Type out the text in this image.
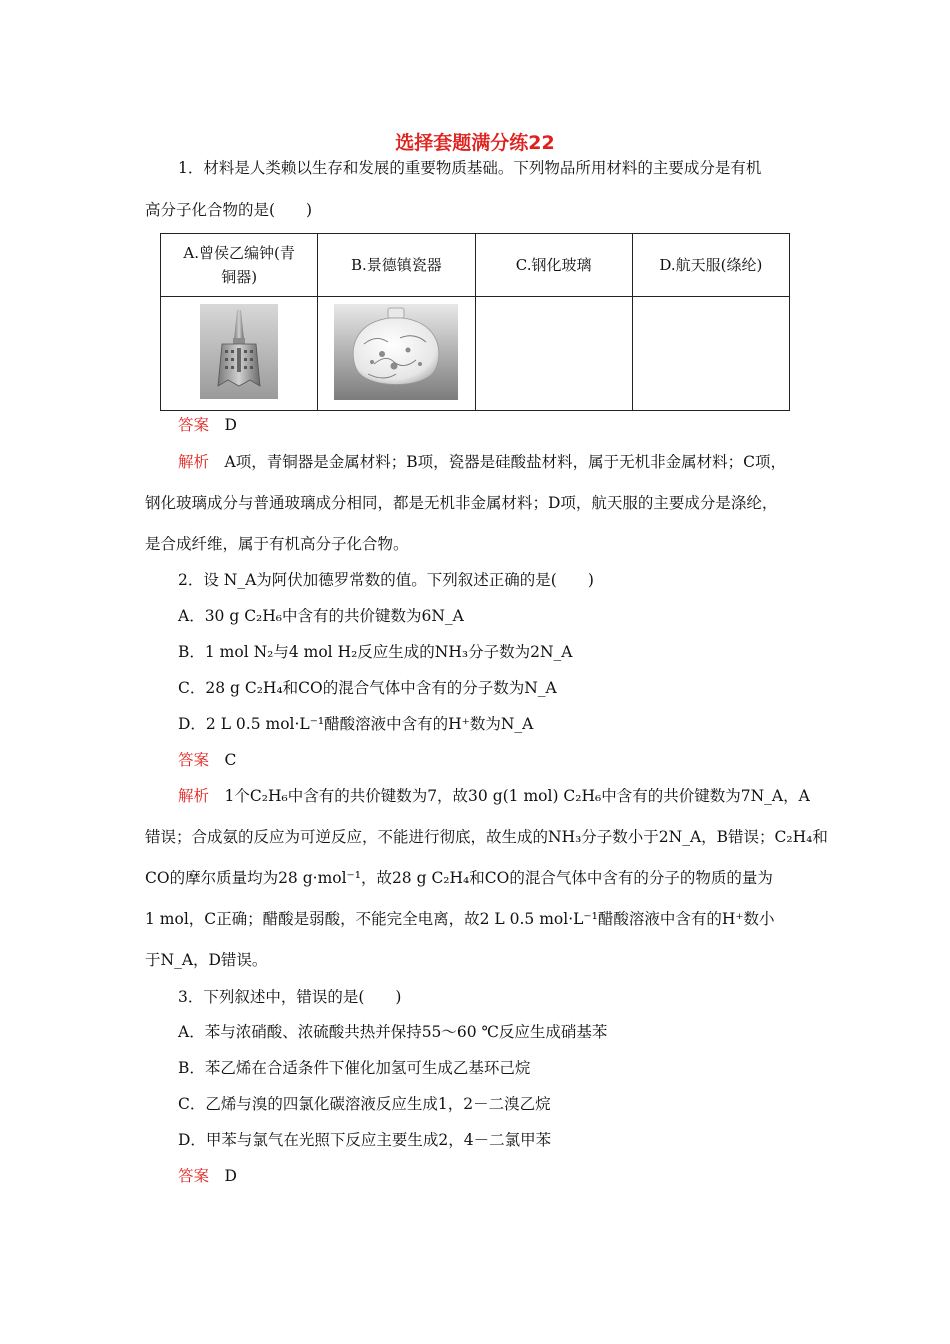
选择套题满分练22
1．材料是人类赖以生存和发展的重要物质基础。下列物品所用材料的主要成分是有机
高分子化合物的是(　　)
A.曾侯乙编钟(青
铜器)	B.景德镇瓷器	C.钢化玻璃	D.航天服(绦纶)

答案　 D
解析　 A项，青铜器是金属材料；B项，瓷器是硅酸盐材料，属于无机非金属材料；C项，
钢化玻璃成分与普通玻璃成分相同，都是无机非金属材料；D项，航天服的主要成分是涤纶，
是合成纤维，属于有机高分子化合物。
2．设 N_A为阿伏加德罗常数的值。下列叙述正确的是(　　)
A．30 g C₂H₆中含有的共价键数为6N_A
B．1 mol N₂与4 mol H₂反应生成的NH₃分子数为2N_A
C．28 g C₂H₄和CO的混合气体中含有的分子数为N_A
D．2 L 0.5 mol·L⁻¹醋酸溶液中含有的H⁺数为N_A
答案　 C
解析　 1个C₂H₆中含有的共价键数为7，故30 g(1 mol) C₂H₆中含有的共价键数为7N_A，A
错误；合成氨的反应为可逆反应，不能进行彻底，故生成的NH₃分子数小于2N_A，B错误；C₂H₄和
CO的摩尔质量均为28 g·mol⁻¹，故28 g C₂H₄和CO的混合气体中含有的分子的物质的量为
1 mol，C正确；醋酸是弱酸，不能完全电离，故2 L 0.5 mol·L⁻¹醋酸溶液中含有的H⁺数小
于N_A，D错误。
3．下列叙述中，错误的是(　　)
A．苯与浓硝酸、浓硫酸共热并保持55～60 ℃反应生成硝基苯
B．苯乙烯在合适条件下催化加氢可生成乙基环己烷
C．乙烯与溴的四氯化碳溶液反应生成1，2－二溴乙烷
D．甲苯与氯气在光照下反应主要生成2，4－二氯甲苯
答案　 D
